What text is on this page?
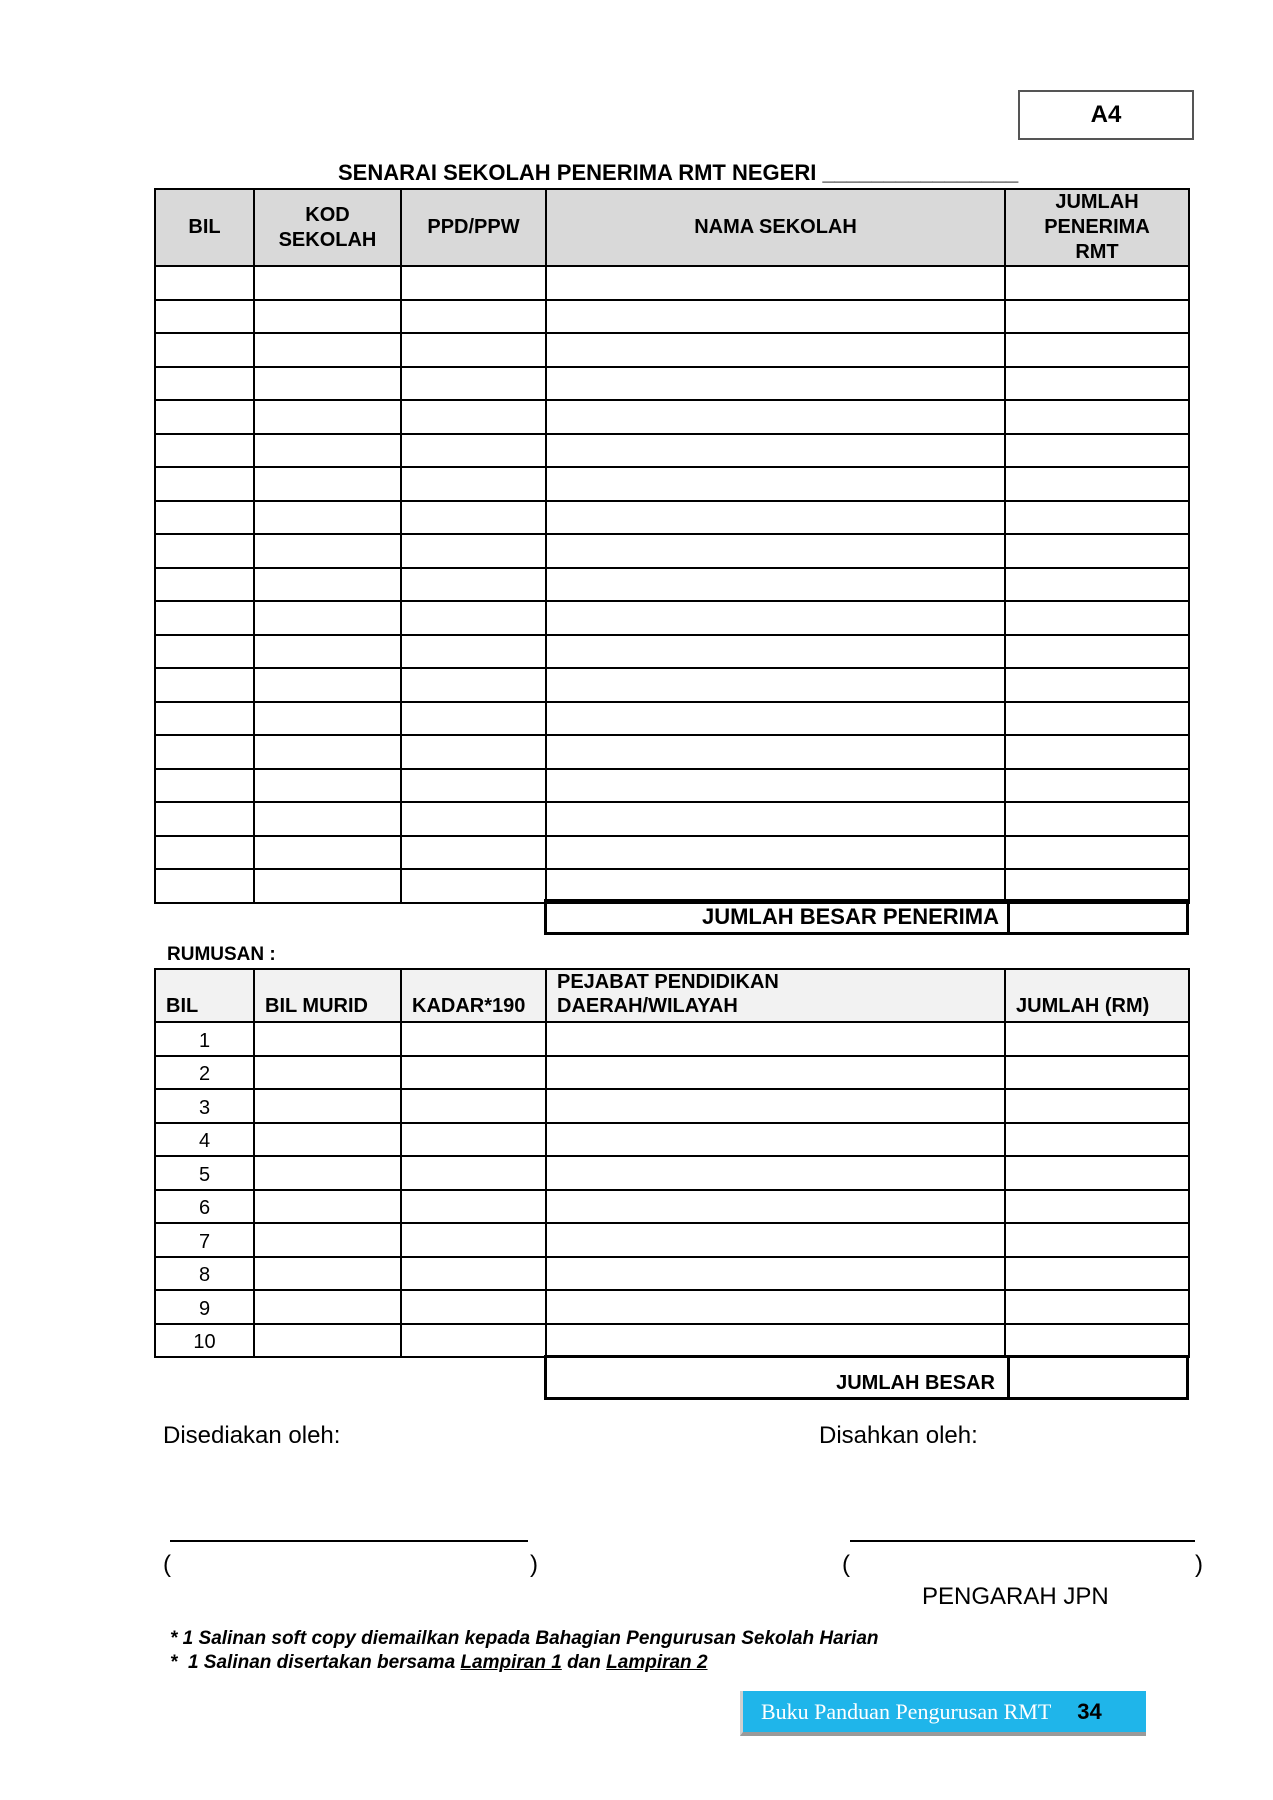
A4
SENARAI SEKOLAH PENERIMA RMT NEGERI ________________
BIL	KOD SEKOLAH	PPD/PPW	NAMA SEKOLAH	JUMLAH PENERIMA RMT

JUMLAH BESAR PENERIMA
RUMUSAN :
BIL	BIL MURID	KADAR*190	PEJABAT PENDIDIKAN DAERAH/WILAYAH	JUMLAH (RM)
1				
2				
3				
4				
5				
6				
7				
8				
9				
10				
JUMLAH BESAR
Disediakan oleh:	Disahkan oleh:
(	)	(	)
PENGARAH JPN
* 1 Salinan soft copy diemailkan kepada Bahagian Pengurusan Sekolah Harian
*  1 Salinan disertakan bersama Lampiran 1 dan Lampiran 2
Buku Panduan Pengurusan RMT 34
